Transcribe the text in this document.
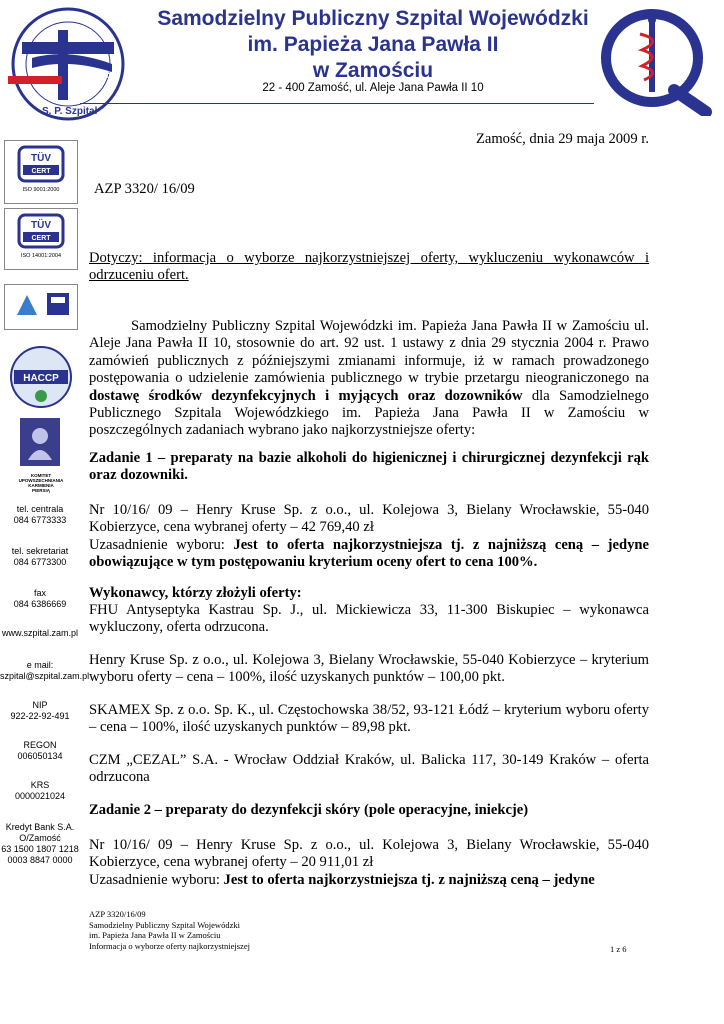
zamość
S. P. Szpital
Samodzielny Publiczny Szpital Wojewódzki
im. Papieża Jana Pawła II
w Zamościu
22 - 400 Zamość, ul. Aleje Jana Pawła II 10
TÜV
CERT
ISO 9001:2000
TÜV
CERT
ISO 14001:2004
HACCP
KOMITET
UPOWSZECHNIANIA
KARMIENIA
PIERSIĄ
tel. centrala
084 6773333
tel. sekretariat
084 6773300
fax
084 6386669
www.szpital.zam.pl
e mail:
szpital@szpital.zam.pl
NIP
922-22-92-491
REGON
006050134
KRS
0000021024
Kredyt Bank S.A.
O/Zamość
63 1500 1807 1218
0003 8847 0000
Zamość, dnia 29 maja 2009 r.
AZP 3320/ 16/09
Dotyczy: informacja o wyborze najkorzystniejszej oferty, wykluczeniu wykonawców i odrzuceniu ofert.
Samodzielny Publiczny Szpital Wojewódzki im. Papieża Jana Pawła II w Zamościu ul. Aleje Jana Pawła II 10, stosownie do art. 92 ust. 1 ustawy z dnia 29 stycznia 2004 r. Prawo zamówień publicznych z późniejszymi zmianami informuje, iż w ramach prowadzonego postępowania o udzielenie zamówienia publicznego w trybie przetargu nieograniczonego na dostawę środków dezynfekcyjnych i myjących oraz dozowników dla Samodzielnego Publicznego Szpitala Wojewódzkiego im. Papieża Jana Pawła II w Zamościu w poszczególnych zadaniach wybrano jako najkorzystniejsze oferty:
Zadanie 1 – preparaty na bazie alkoholi do higienicznej i chirurgicznej dezynfekcji rąk oraz dozowniki.
Nr 10/16/ 09 – Henry Kruse Sp. z o.o., ul. Kolejowa 3, Bielany Wrocławskie, 55-040 Kobierzyce, cena wybranej oferty – 42 769,40 zł
Uzasadnienie wyboru: Jest to oferta najkorzystniejsza tj. z najniższą ceną – jedyne obowiązujące w tym postępowaniu kryterium oceny ofert to cena 100%.
Wykonawcy, którzy złożyli oferty:
FHU Antyseptyka Kastrau Sp. J., ul. Mickiewicza 33, 11-300 Biskupiec – wykonawca wykluczony, oferta odrzucona.
Henry Kruse Sp. z o.o., ul. Kolejowa 3, Bielany Wrocławskie, 55-040 Kobierzyce – kryterium wyboru oferty – cena – 100%, ilość uzyskanych punktów – 100,00 pkt.
SKAMEX Sp. z o.o. Sp. K., ul. Częstochowska 38/52, 93-121 Łódź – kryterium wyboru oferty – cena – 100%, ilość uzyskanych punktów – 89,98 pkt.
CZM „CEZAL” S.A. - Wrocław Oddział Kraków, ul. Balicka 117, 30-149 Kraków – oferta odrzucona
Zadanie 2 – preparaty do dezynfekcji skóry (pole operacyjne, iniekcje)
Nr 10/16/ 09 – Henry Kruse Sp. z o.o., ul. Kolejowa 3, Bielany Wrocławskie, 55-040 Kobierzyce, cena wybranej oferty – 20 911,01 zł
Uzasadnienie wyboru: Jest to oferta najkorzystniejsza tj. z najniższą ceną – jedyne
AZP 3320/16/09
Samodzielny Publiczny Szpital Wojewódzki
im. Papieża Jana Pawła II w Zamościu
Informacja o wyborze oferty najkorzystniejszej	1 z 6
